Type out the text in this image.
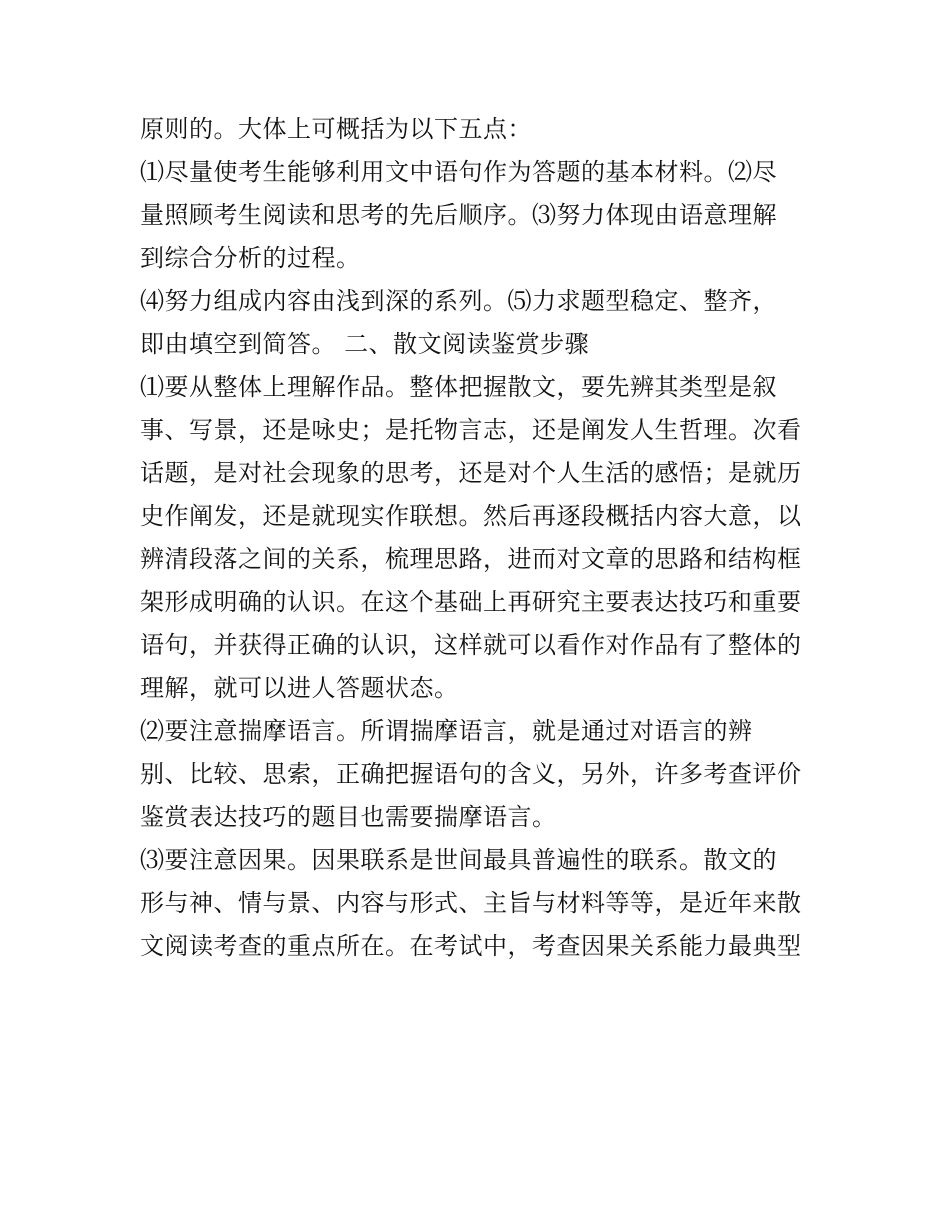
原则的。大体上可概括为以下五点：
⑴尽量使考生能够利用文中语句作为答题的基本材料。⑵尽
量照顾考生阅读和思考的先后顺序。⑶努力体现由语意理解
到综合分析的过程。
⑷努力组成内容由浅到深的系列。⑸力求题型稳定、整齐，
即由填空到简答。 二、散文阅读鉴赏步骤
⑴要从整体上理解作品。整体把握散文，要先辨其类型是叙
事、写景，还是咏史；是托物言志，还是阐发人生哲理。次看
话题，是对社会现象的思考，还是对个人生活的感悟；是就历
史作阐发，还是就现实作联想。然后再逐段概括内容大意，以
辨清段落之间的关系，梳理思路，进而对文章的思路和结构框
架形成明确的认识。在这个基础上再研究主要表达技巧和重要
语句，并获得正确的认识，这样就可以看作对作品有了整体的
理解，就可以进人答题状态。
⑵要注意揣摩语言。所谓揣摩语言，就是通过对语言的辨
别、比较、思索，正确把握语句的含义，另外，许多考查评价
鉴赏表达技巧的题目也需要揣摩语言。
⑶要注意因果。因果联系是世间最具普遍性的联系。散文的
形与神、情与景、内容与形式、主旨与材料等等，是近年来散
文阅读考查的重点所在。在考试中，考查因果关系能力最典型
